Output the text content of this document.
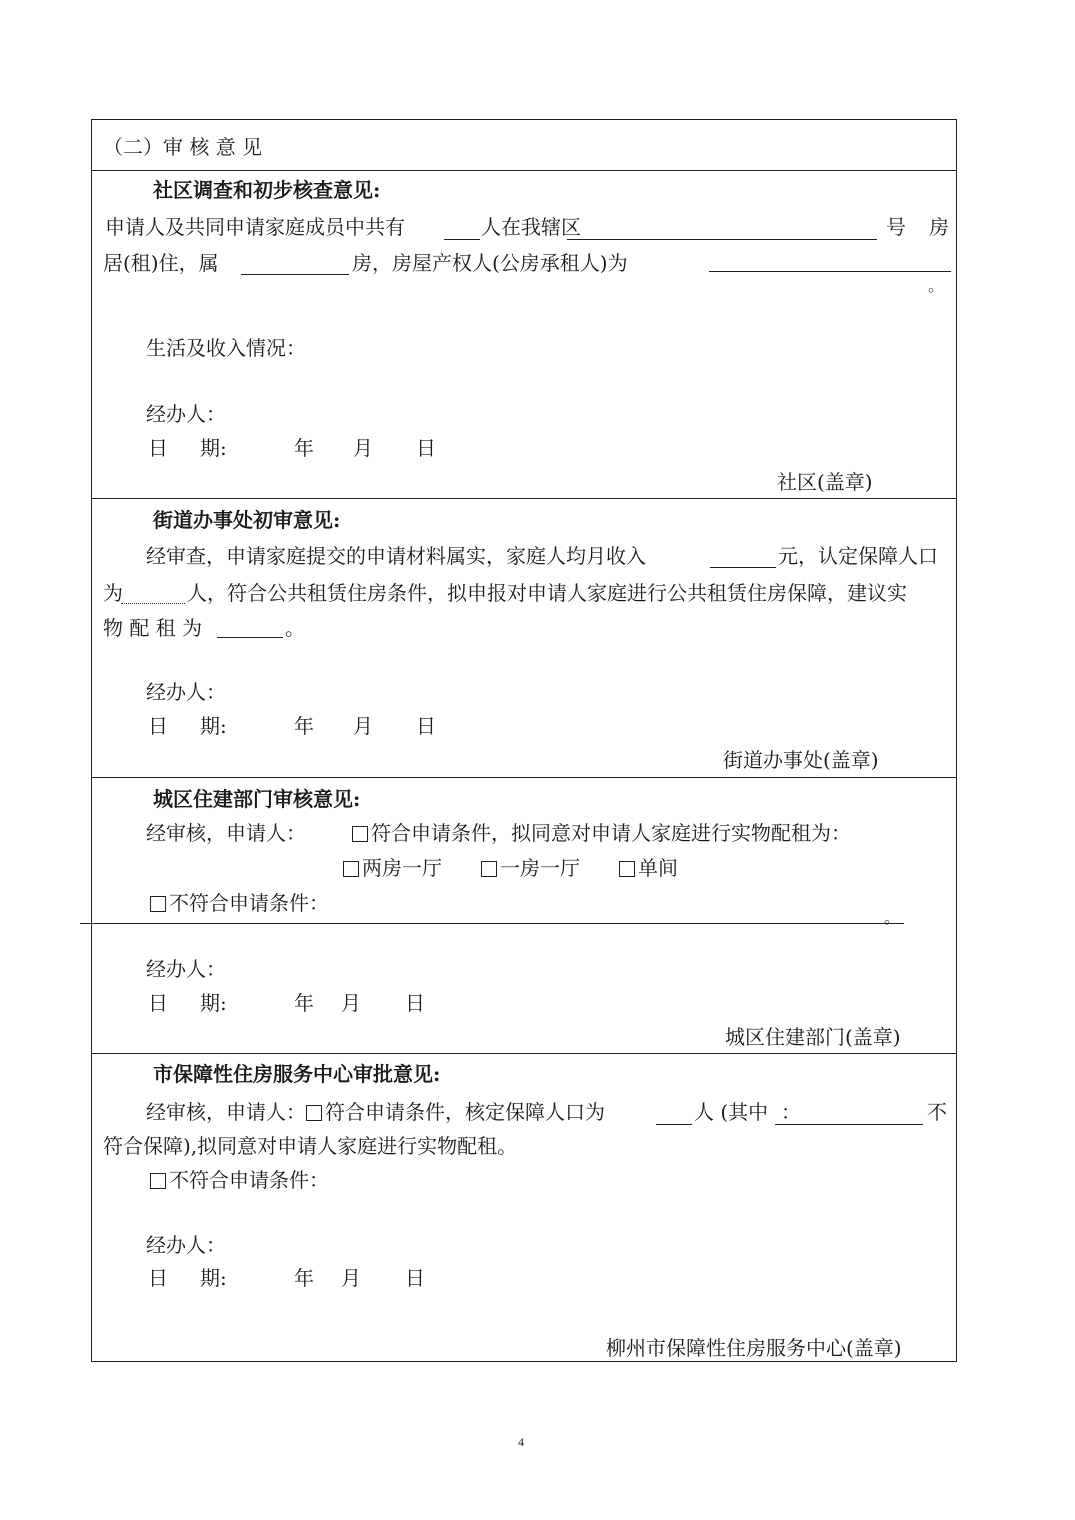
（二）审 核 意 见
社区调查和初步核查意见:
申请人及共同申请家庭成员中共有	人在我辖区	号 房
居(租)住，属	房，房屋产权人(公房承租人)为
。
生活及收入情况：
经办人：
日 期:	年 月 日
社区(盖章)
街道办事处初审意见:
经审查，申请家庭提交的申请材料属实，家庭人均月收入	元，认定保障人口
为	人，符合公共租赁住房条件，拟申报对申请人家庭进行公共租赁住房保障，建议实
物 配 租 为	。
经办人：
日 期:	年 月 日
街道办事处(盖章)
城区住建部门审核意见:
经审核，申请人：	符合申请条件，拟同意对申请人家庭进行实物配租为：
两房一厅	一房一厅	单间
不符合申请条件：
。
经办人：
日 期:	年 月 日
城区住建部门(盖章)
市保障性住房服务中心审批意见:
经审核，申请人： 符合申请条件，核定保障人口为	人 (其中 ：	不
符合保障),拟同意对申请人家庭进行实物配租。
不符合申请条件：
经办人：
日 期:	年 月 日
柳州市保障性住房服务中心(盖章)
4
